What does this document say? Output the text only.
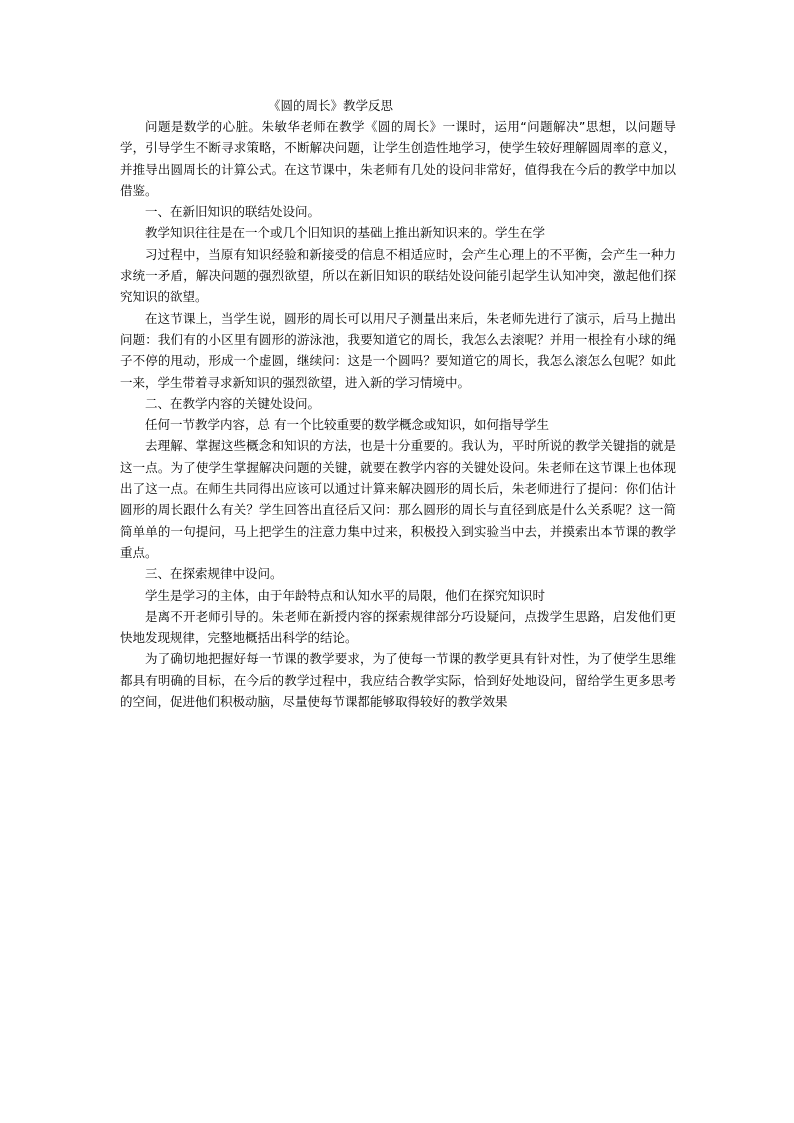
《圆的周长》教学反思

问题是数学的心脏。朱敏华老师在教学《圆的周长》一课时，运用“问题解决”思想，以问题导学，引导学生不断寻求策略，不断解决问题，让学生创造性地学习，使学生较好理解圆周率的意义，并推导出圆周长的计算公式。在这节课中，朱老师有几处的设问非常好，值得我在今后的教学中加以借鉴。

一、在新旧知识的联结处设问。

教学知识往往是在一个或几个旧知识的基础上推出新知识来的。学生在学

习过程中，当原有知识经验和新接受的信息不相适应时，会产生心理上的不平衡，会产生一种力求统一矛盾，解决问题的强烈欲望，所以在新旧知识的联结处设问能引起学生认知冲突，激起他们探究知识的欲望。

在这节课上，当学生说，圆形的周长可以用尺子测量出来后，朱老师先进行了演示，后马上抛出问题：我们有的小区里有圆形的游泳池，我要知道它的周长，我怎么去滚呢？并用一根拴有小球的绳子不停的甩动，形成一个虚圆，继续问：这是一个圆吗？要知道它的周长，我怎么滚怎么包呢？如此一来，学生带着寻求新知识的强烈欲望，进入新的学习情境中。

二、在教学内容的关键处设问。

任何一节教学内容，总 有一个比较重要的数学概念或知识，如何指导学生

去理解、掌握这些概念和知识的方法，也是十分重要的。我认为，平时所说的教学关键指的就是这一点。为了使学生掌握解决问题的关键，就要在教学内容的关键处设问。朱老师在这节课上也体现出了这一点。在师生共同得出应该可以通过计算来解决圆形的周长后，朱老师进行了提问：你们估计圆形的周长跟什么有关？学生回答出直径后又问：那么圆形的周长与直径到底是什么关系呢？这一简简单单的一句提问，马上把学生的注意力集中过来，积极投入到实验当中去，并摸索出本节课的教学重点。

三、在探索规律中设问。

学生是学习的主体，由于年龄特点和认知水平的局限，他们在探究知识时

是离不开老师引导的。朱老师在新授内容的探索规律部分巧设疑问，点拨学生思路，启发他们更快地发现规律，完整地概括出科学的结论。

为了确切地把握好每一节课的教学要求，为了使每一节课的教学更具有针对性，为了使学生思维都具有明确的目标，在今后的教学过程中，我应结合教学实际，恰到好处地设问，留给学生更多思考的空间，促进他们积极动脑，尽量使每节课都能够取得较好的教学效果
